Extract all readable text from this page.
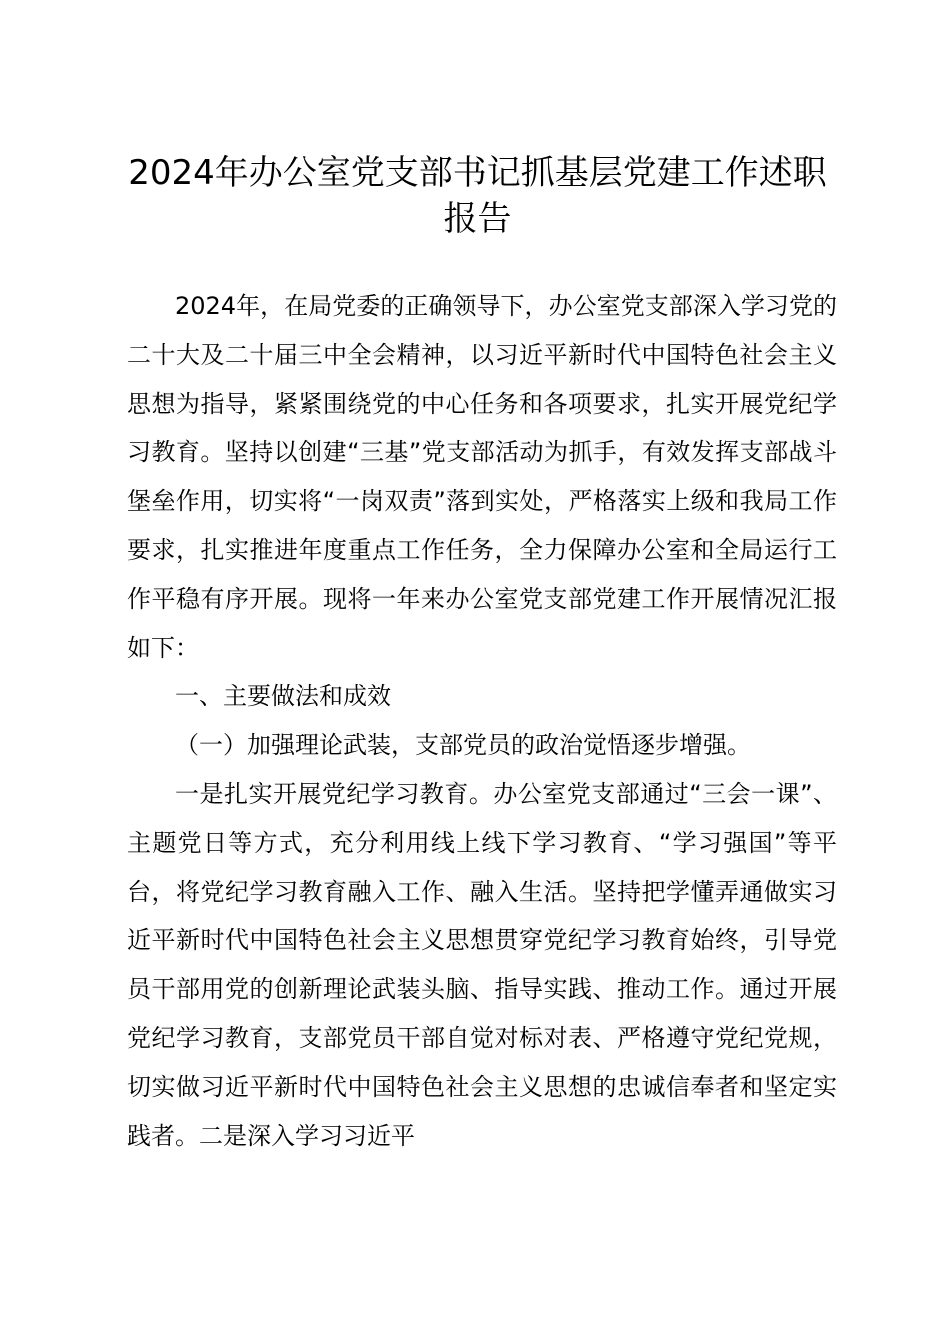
2024年办公室党支部书记抓基层党建工作述职报告

2024年，在局党委的正确领导下，办公室党支部深入学习党的二十大及二十届三中全会精神，以习近平新时代中国特色社会主义思想为指导，紧紧围绕党的中心任务和各项要求，扎实开展党纪学习教育。坚持以创建“三基”党支部活动为抓手，有效发挥支部战斗堡垒作用，切实将“一岗双责”落到实处，严格落实上级和我局工作要求，扎实推进年度重点工作任务，全力保障办公室和全局运行工作平稳有序开展。现将一年来办公室党支部党建工作开展情况汇报如下：

一、主要做法和成效

（一）加强理论武装，支部党员的政治觉悟逐步增强。

一是扎实开展党纪学习教育。办公室党支部通过“三会一课”、主题党日等方式，充分利用线上线下学习教育、“学习强国”等平台，将党纪学习教育融入工作、融入生活。坚持把学懂弄通做实习近平新时代中国特色社会主义思想贯穿党纪学习教育始终，引导党员干部用党的创新理论武装头脑、指导实践、推动工作。通过开展党纪学习教育，支部党员干部自觉对标对表、严格遵守党纪党规，切实做习近平新时代中国特色社会主义思想的忠诚信奉者和坚定实践者。二是深入学习习近平
